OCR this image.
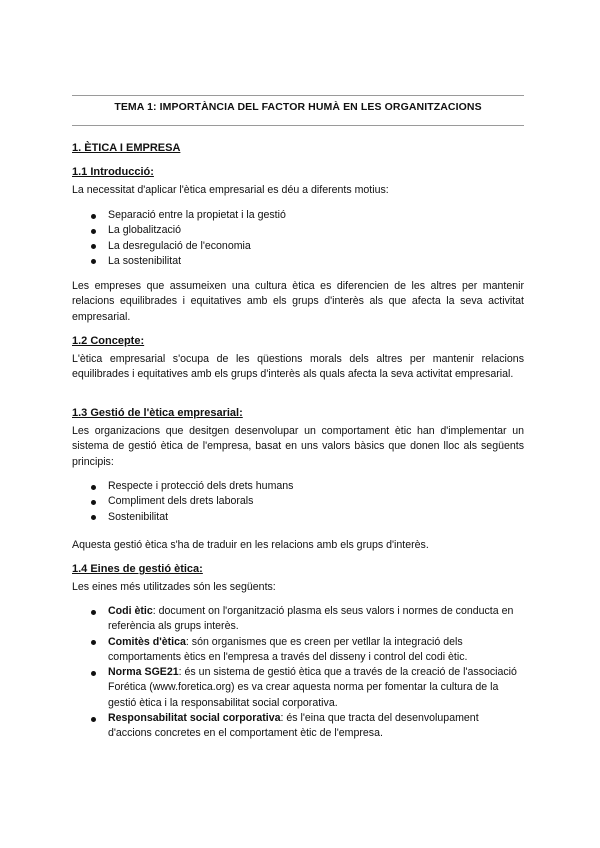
TEMA 1: IMPORTÀNCIA DEL FACTOR HUMÀ EN LES ORGANITZACIONS
1. ÈTICA I EMPRESA
1.1 Introducció:
La necessitat d'aplicar l'ètica empresarial es déu a diferents motius:
Separació entre la propietat i la gestió
La globalització
La desregulació de l'economia
La sostenibilitat
Les empreses que assumeixen una cultura ètica es diferencien de les altres per mantenir relacions equilibrades i equitatives amb els grups d'interès als que afecta la seva activitat empresarial.
1.2 Concepte:
L'ètica empresarial s'ocupa de les qüestions morals dels altres per mantenir relacions equilibrades i equitatives amb els grups d'interès als quals afecta la seva activitat empresarial.
1.3 Gestió de l'ètica empresarial:
Les organizacions que desitgen desenvolupar un comportament ètic han d'implementar un sistema de gestió ètica de l'empresa, basat en uns valors bàsics que donen lloc als següents principis:
Respecte i protecció dels drets humans
Compliment dels drets laborals
Sostenibilitat
Aquesta gestió ètica s'ha de traduir en les relacions amb els grups d'interès.
1.4 Eines de gestió ètica:
Les eines més utilitzades són les següents:
Codi ètic: document on l'organització plasma els seus valors i normes de conducta en referència als grups interès.
Comitès d'ètica: són organismes que es creen per vetllar la integració dels comportaments ètics en l'empresa a través del disseny i control del codi ètic.
Norma SGE21: és un sistema de gestió ètica que a través de la creació de l'associació Forética (www.foretica.org) es va crear aquesta norma per fomentar la cultura de la gestió ètica i la responsabilitat social corporativa.
Responsabilitat social corporativa: és l'eina que tracta del desenvolupament d'accions concretes en el comportament ètic de l'empresa.
